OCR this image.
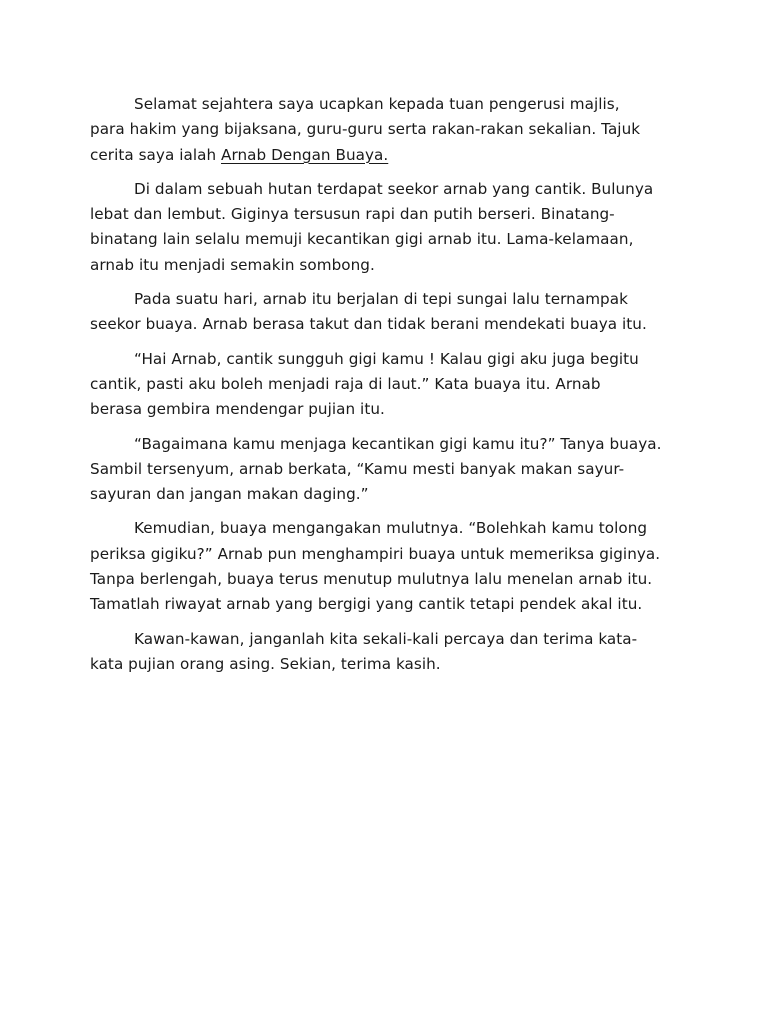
Selamat sejahtera saya ucapkan kepada tuan pengerusi majlis,
para hakim yang bijaksana, guru-guru serta rakan-rakan sekalian. Tajuk
cerita saya ialah Arnab Dengan Buaya.

Di dalam sebuah hutan terdapat seekor arnab yang cantik. Bulunya
lebat dan lembut. Giginya tersusun rapi dan putih berseri. Binatang-
binatang lain selalu memuji kecantikan gigi arnab itu. Lama-kelamaan,
arnab itu menjadi semakin sombong.

Pada suatu hari, arnab itu berjalan di tepi sungai lalu ternampak
seekor buaya. Arnab berasa takut dan tidak berani mendekati buaya itu.

“Hai Arnab, cantik sungguh gigi kamu ! Kalau gigi aku juga begitu
cantik, pasti aku boleh menjadi raja di laut.” Kata buaya itu. Arnab
berasa gembira mendengar pujian itu.

“Bagaimana kamu menjaga kecantikan gigi kamu itu?” Tanya buaya.
Sambil tersenyum, arnab berkata, “Kamu mesti banyak makan sayur-
sayuran dan jangan makan daging.”

Kemudian, buaya mengangakan mulutnya. “Bolehkah kamu tolong
periksa gigiku?” Arnab pun menghampiri buaya untuk memeriksa giginya.
Tanpa berlengah, buaya terus menutup mulutnya lalu menelan arnab itu.
Tamatlah riwayat arnab yang bergigi yang cantik tetapi pendek akal itu.

Kawan-kawan, janganlah kita sekali-kali percaya dan terima kata-
kata pujian orang asing. Sekian, terima kasih.
